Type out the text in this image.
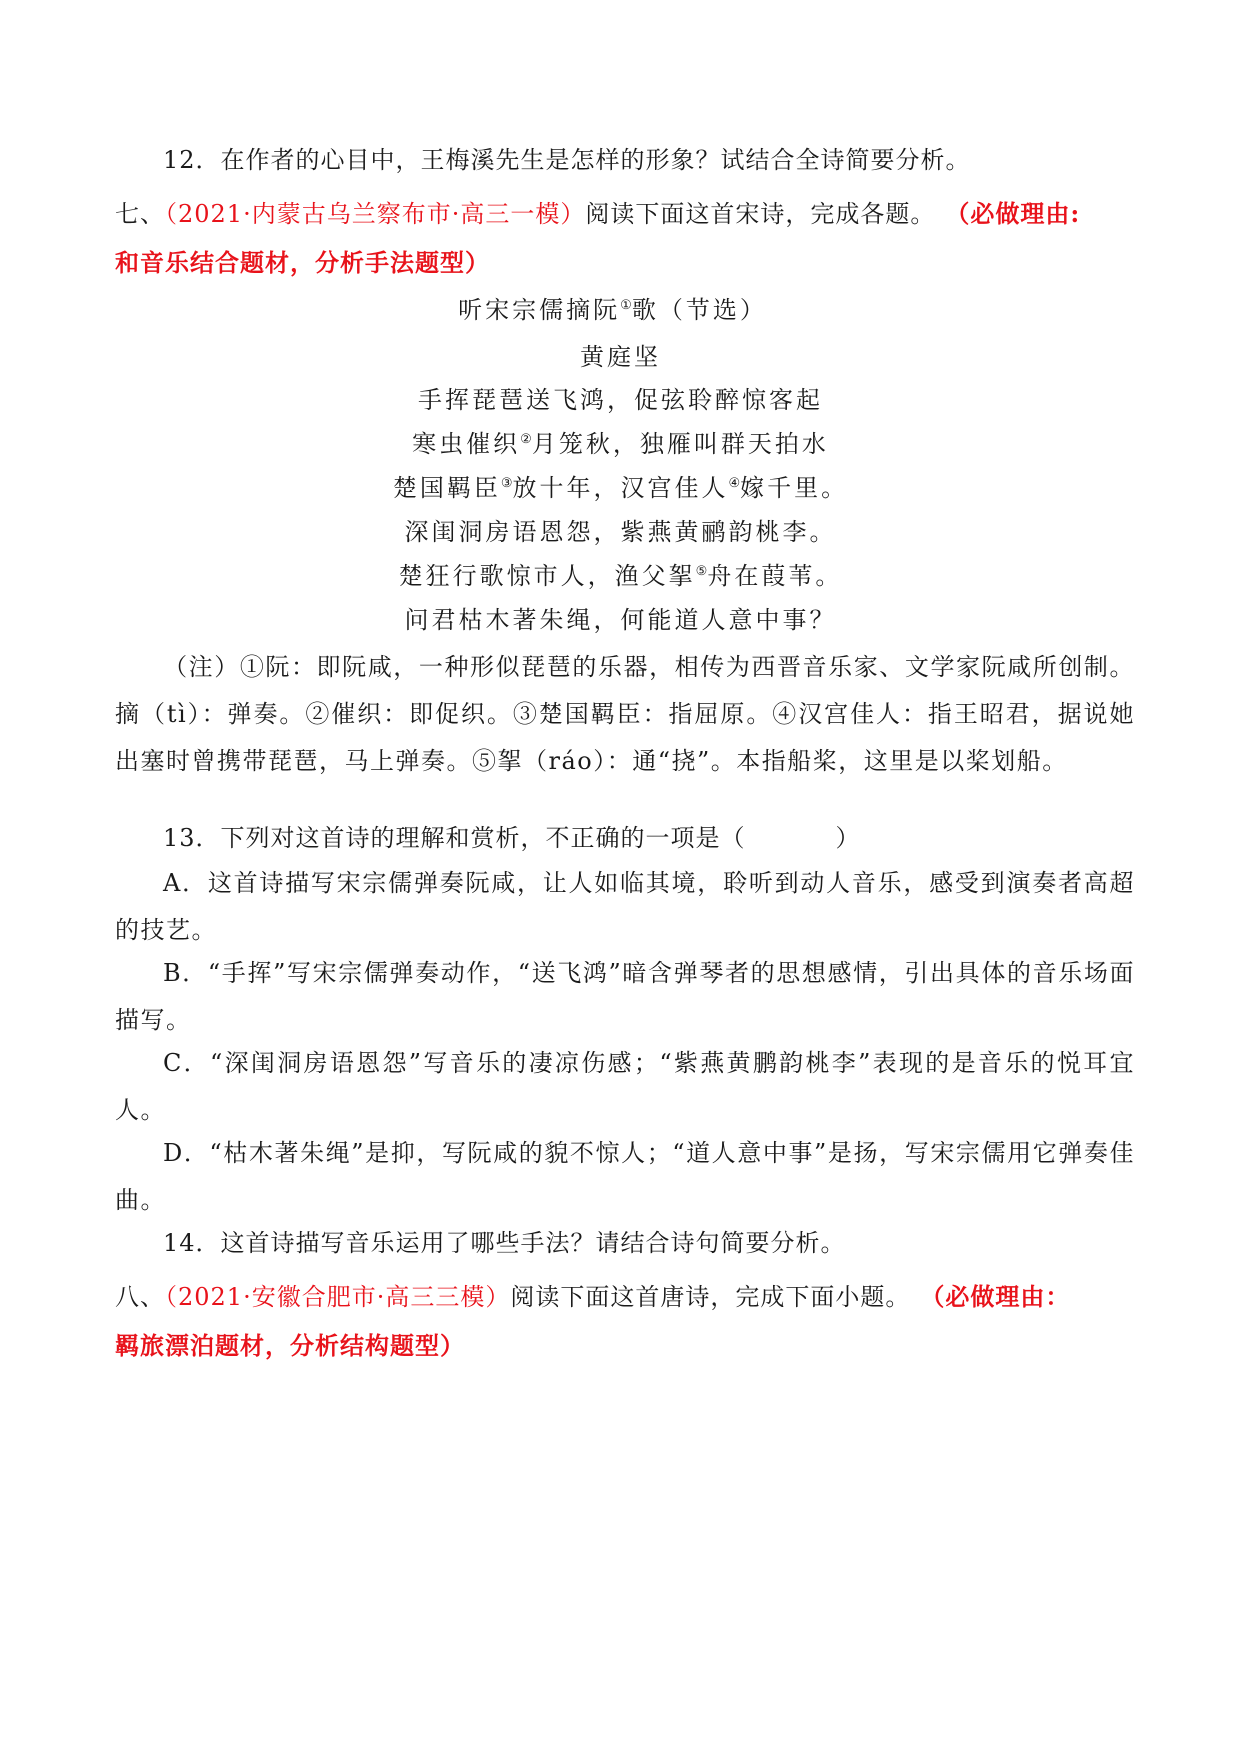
12．在作者的心目中，王梅溪先生是怎样的形象？试结合全诗简要分析。
七、（2021·内蒙古乌兰察布市·高三一模）阅读下面这首宋诗，完成各题。 （必做理由:
和音乐结合题材，分析手法题型）
听宋宗儒摘阮①歌（节选）
黄庭坚
手挥琵琶送飞鸿，促弦聆醉惊客起
寒虫催织②月笼秋，独雁叫群天拍水
楚国羁臣③放十年，汉宫佳人④嫁千里。
深闺洞房语恩怨，紫燕黄鹂韵桃李。
楚狂行歌惊市人，渔父挐⑤舟在葭苇。
问君枯木著朱绳，何能道人意中事？
（注）①阮：即阮咸，一种形似琵琶的乐器，相传为西晋音乐家、文学家阮咸所创制。摘（tì）：弹奏。②催织：即促织。③楚国羁臣：指屈原。④汉宫佳人：指王昭君，据说她出塞时曾携带琵琶，马上弹奏。⑤挐（ráo）：通“挠”。本指船桨，这里是以桨划船。
13．下列对这首诗的理解和赏析，不正确的一项是（	）
A．这首诗描写宋宗儒弹奏阮咸，让人如临其境，聆听到动人音乐，感受到演奏者高超的技艺。
B．“手挥”写宋宗儒弹奏动作，“送飞鸿”暗含弹琴者的思想感情，引出具体的音乐场面描写。
C．“深闺洞房语恩怨”写音乐的凄凉伤感；“紫燕黄鹏韵桃李”表现的是音乐的悦耳宜人。
D．“枯木著朱绳”是抑，写阮咸的貌不惊人；“道人意中事”是扬，写宋宗儒用它弹奏佳曲。
14．这首诗描写音乐运用了哪些手法？请结合诗句简要分析。
八、（2021·安徽合肥市·高三三模）阅读下面这首唐诗，完成下面小题。 （必做理由：
羁旅漂泊题材，分析结构题型）
